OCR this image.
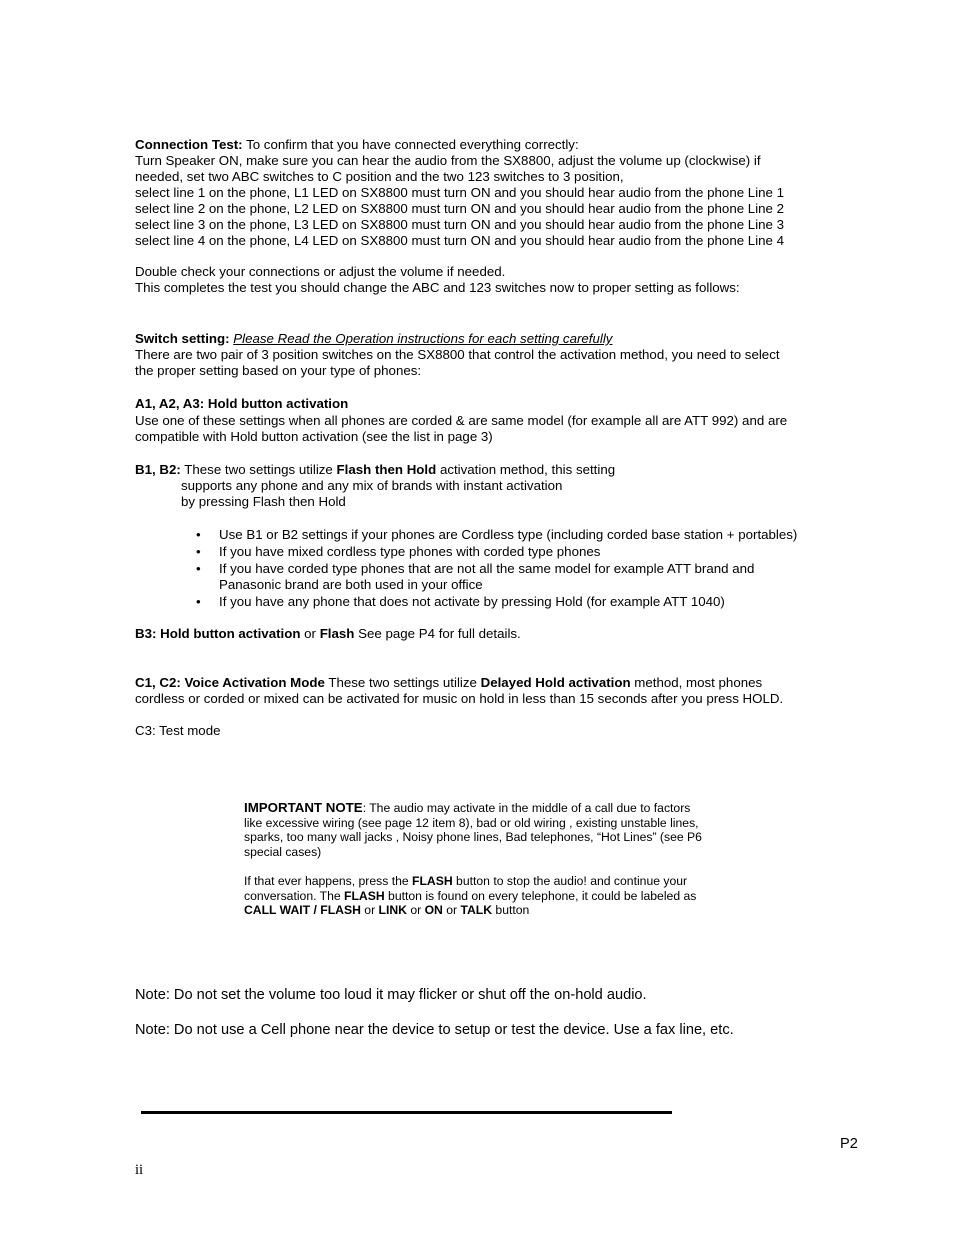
Connection Test: To confirm that you have connected everything correctly:
Turn Speaker ON, make sure you can hear the audio from the SX8800, adjust the volume up (clockwise) if
needed, set two ABC switches to C position and the two 123 switches to 3 position,
select line 1 on the phone, L1 LED on SX8800 must turn ON and you should hear audio from the phone Line 1
select line 2 on the phone, L2 LED on SX8800 must turn ON and you should hear audio from the phone Line 2
select line 3 on the phone, L3 LED on SX8800 must turn ON and you should hear audio from the phone Line 3
select line 4 on the phone, L4 LED on SX8800 must turn ON and you should hear audio from the phone Line 4
Double check your connections or adjust the volume if needed.
This completes the test you should change the ABC and 123 switches now to proper setting as follows:
Switch setting: Please Read the Operation instructions for each setting carefully
There are two pair of 3 position switches on the SX8800 that control the activation method, you need to select
the proper setting based on your type of phones:
A1, A2, A3: Hold button activation
Use one of these settings when all phones are corded & are same model (for example all are ATT 992) and are
compatible with Hold button activation (see the list in page 3)
B1, B2: These two settings utilize Flash then Hold activation method, this setting
supports any phone and any mix of brands with instant activation
by pressing Flash then Hold
• Use B1 or B2 settings if your phones are Cordless type (including corded base station + portables)
• If you have mixed cordless type phones with corded type phones
• If you have corded type phones that are not all the same model for example ATT brand and
Panasonic brand are both used in your office
• If you have any phone that does not activate by pressing Hold (for example ATT 1040)
B3: Hold button activation or Flash See page P4 for full details.
C1, C2: Voice Activation Mode These two settings utilize Delayed Hold activation method, most phones
cordless or corded or mixed can be activated for music on hold in less than 15 seconds after you press HOLD.
C3: Test mode
IMPORTANT NOTE: The audio may activate in the middle of a call due to factors
like excessive wiring (see page 12 item 8), bad or old wiring , existing unstable lines,
sparks, too many wall jacks , Noisy phone lines, Bad telephones, “Hot Lines” (see P6
special cases)
If that ever happens, press the FLASH button to stop the audio! and continue your
conversation. The FLASH button is found on every telephone, it could be labeled as
CALL WAIT / FLASH or LINK or ON or TALK button
Note: Do not set the volume too loud it may flicker or shut off the on-hold audio.
Note: Do not use a Cell phone near the device to setup or test the device. Use a fax line, etc.
P2
ii
